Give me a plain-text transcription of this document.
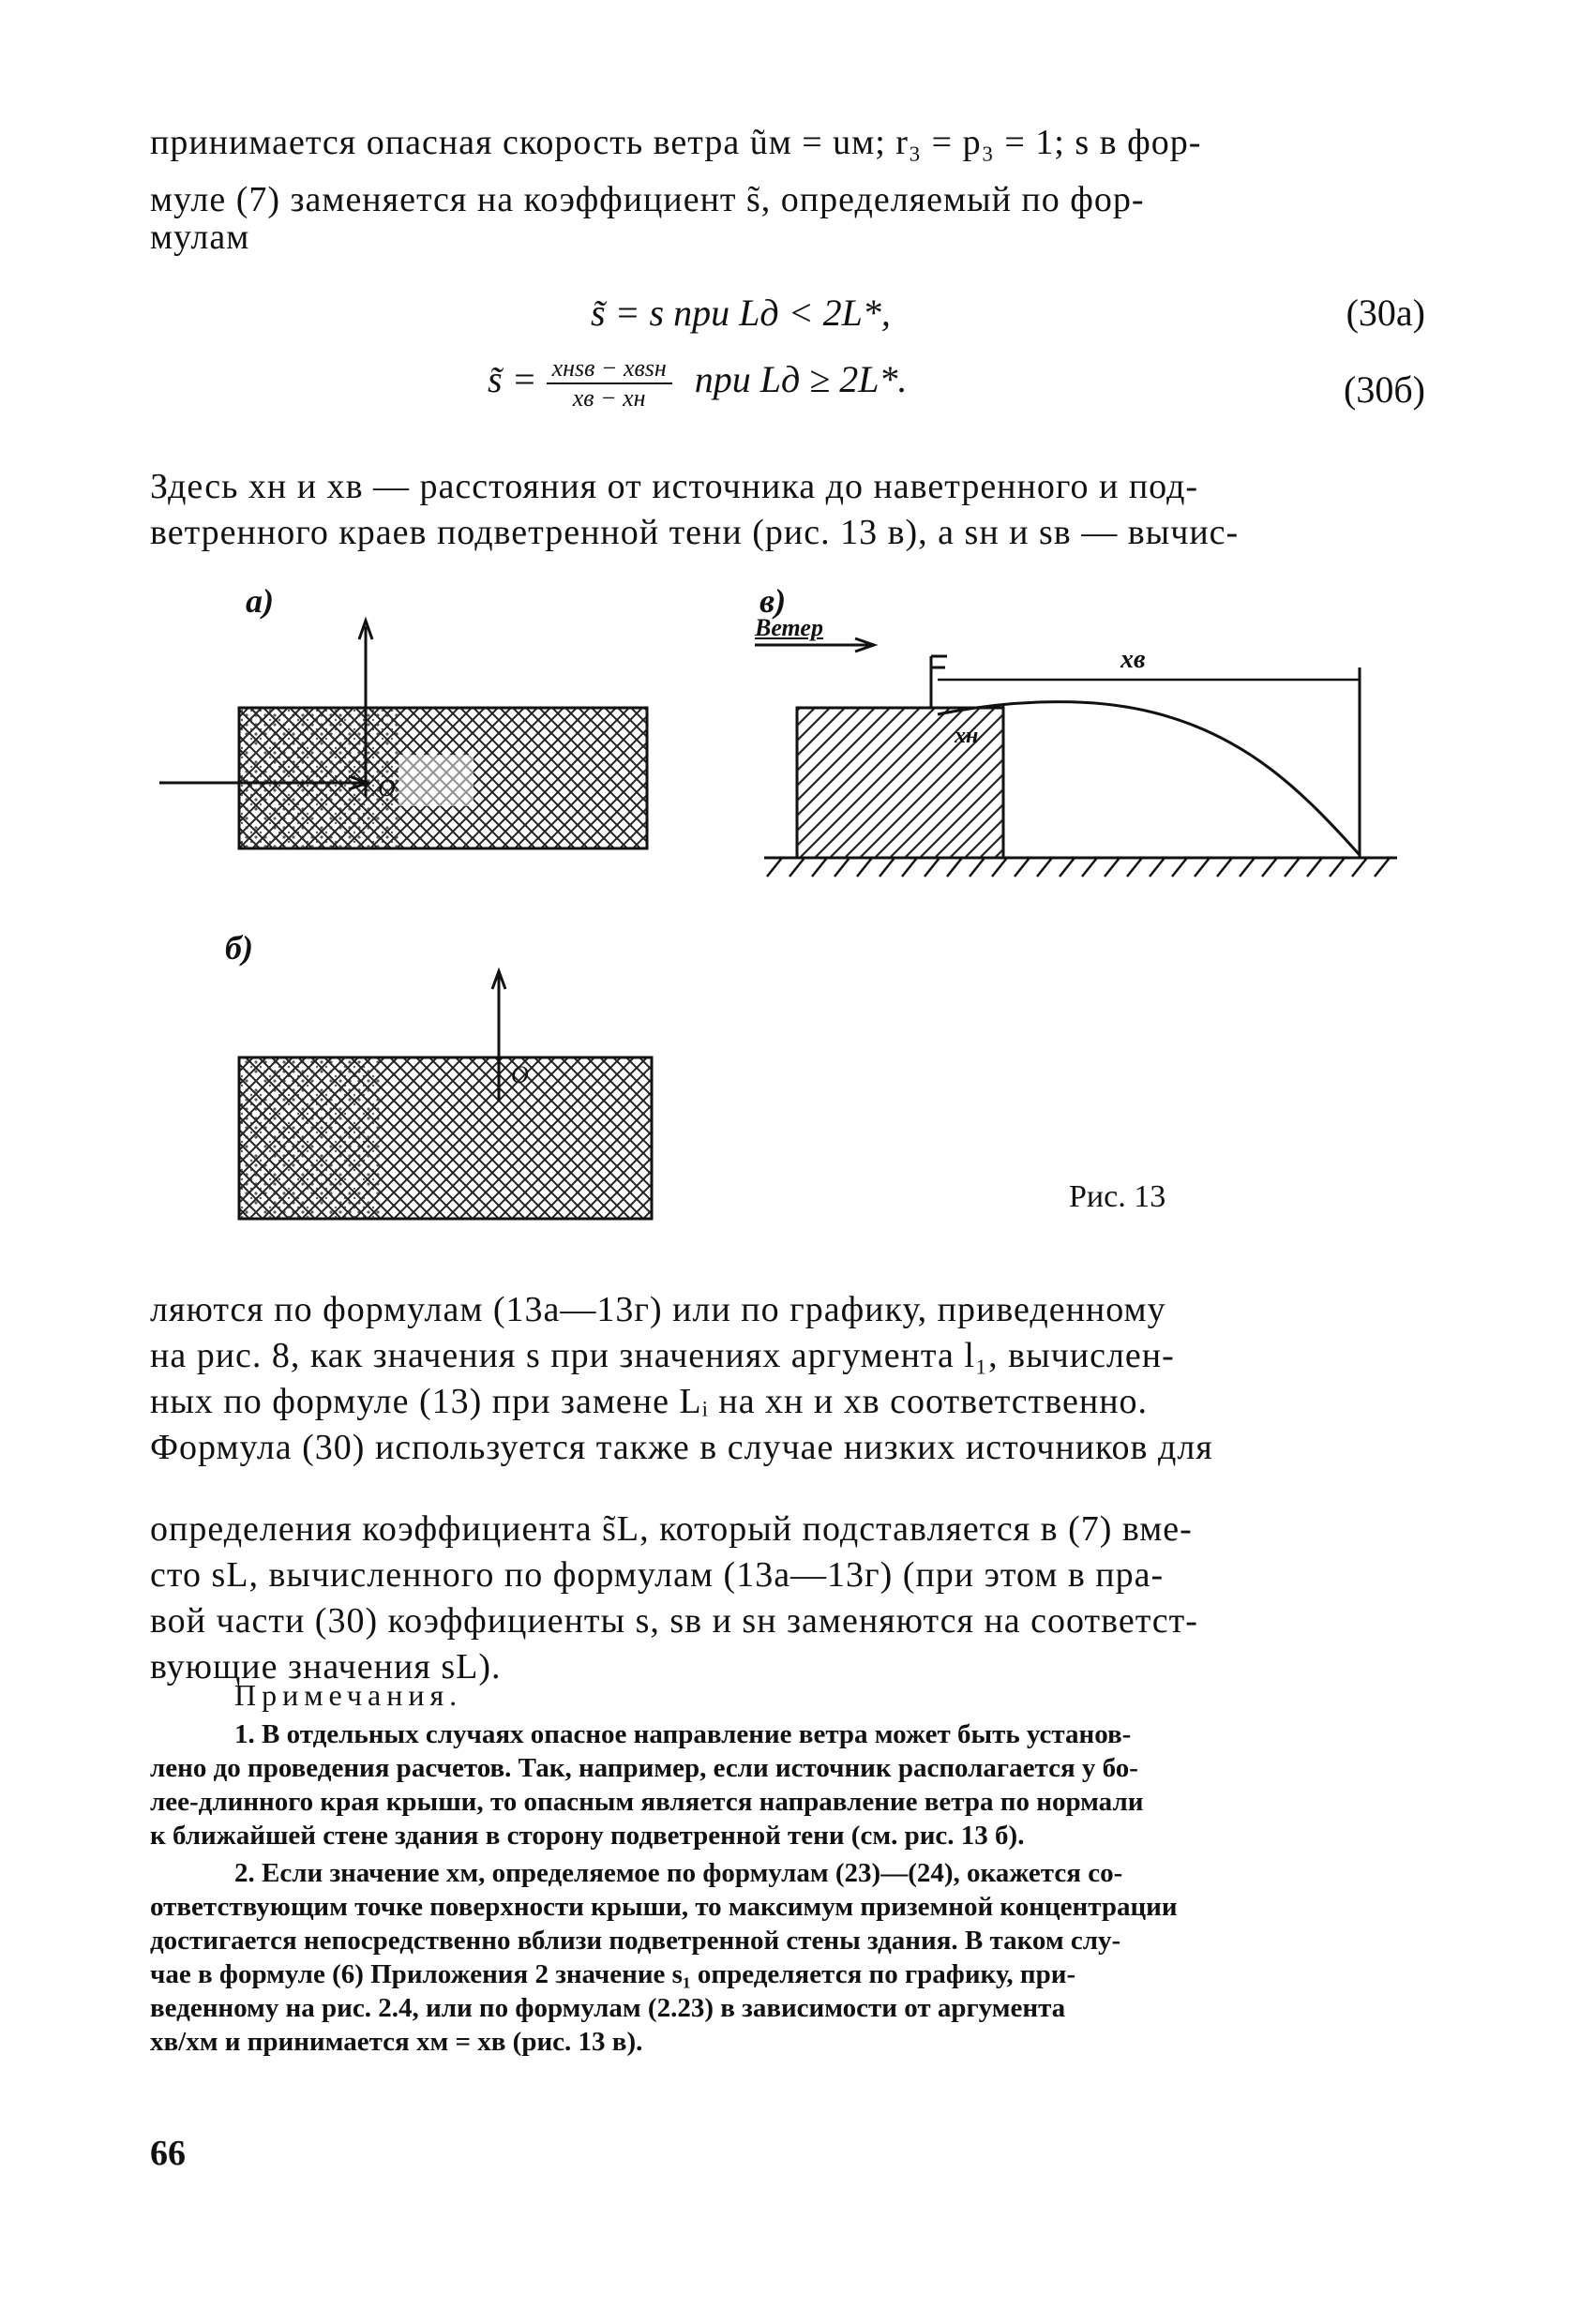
принимается опасная скорость ветра ũм = uм; r₃ = p₃ = 1; s в фор-
муле (7) заменяется на коэффициент s̃, определяемый по фор-
мулам
s̃ = s при Lд < 2L*,	(30а)
s̃ = $\frac{\text{xнsв − xвsн}}{xв - xн}$ при Lд ≥ 2L*.	(30б)
Здесь xн и xв — расстояния от источника до наветренного и под-
ветренного краев подветренной тени (рис. 13 в), а sн и sв — вычис-
а)
б)
в)
Ветер
xв
xн
О
О
Рис. 13
ляются по формулам (13а—13г) или по графику, приведенному
на рис. 8, как значения s при значениях аргумента l₁, вычислен-
ных по формуле (13) при замене Lᵢ на xн и xв соответственно.
Формула (30) используется также в случае низких источников для
определения коэффициента s̃L, который подставляется в (7) вме-
сто sL, вычисленного по формулам (13а—13г) (при этом в пра-
вой части (30) коэффициенты s, sв и sн заменяются на соответст-
вующие значения sL).
Примечания.
1. В отдельных случаях опасное направление ветра может быть установ-
лено до проведения расчетов. Так, например, если источник располагается у бо-
лее-длинного края крыши, то опасным является направление ветра по нормали
к ближайшей стене здания в сторону подветренной тени (см. рис. 13 б).
2. Если значение xм, определяемое по формулам (23)—(24), окажется со-
ответствующим точке поверхности крыши, то максимум приземной концентрации
достигается непосредственно вблизи подветренной стены здания. В таком слу-
чае в формуле (6) Приложения 2 значение s₁ определяется по графику, при-
веденному на рис. 2.4, или по формулам (2.23) в зависимости от аргумента
xв/xм и принимается xм = xв (рис. 13 в).
66
